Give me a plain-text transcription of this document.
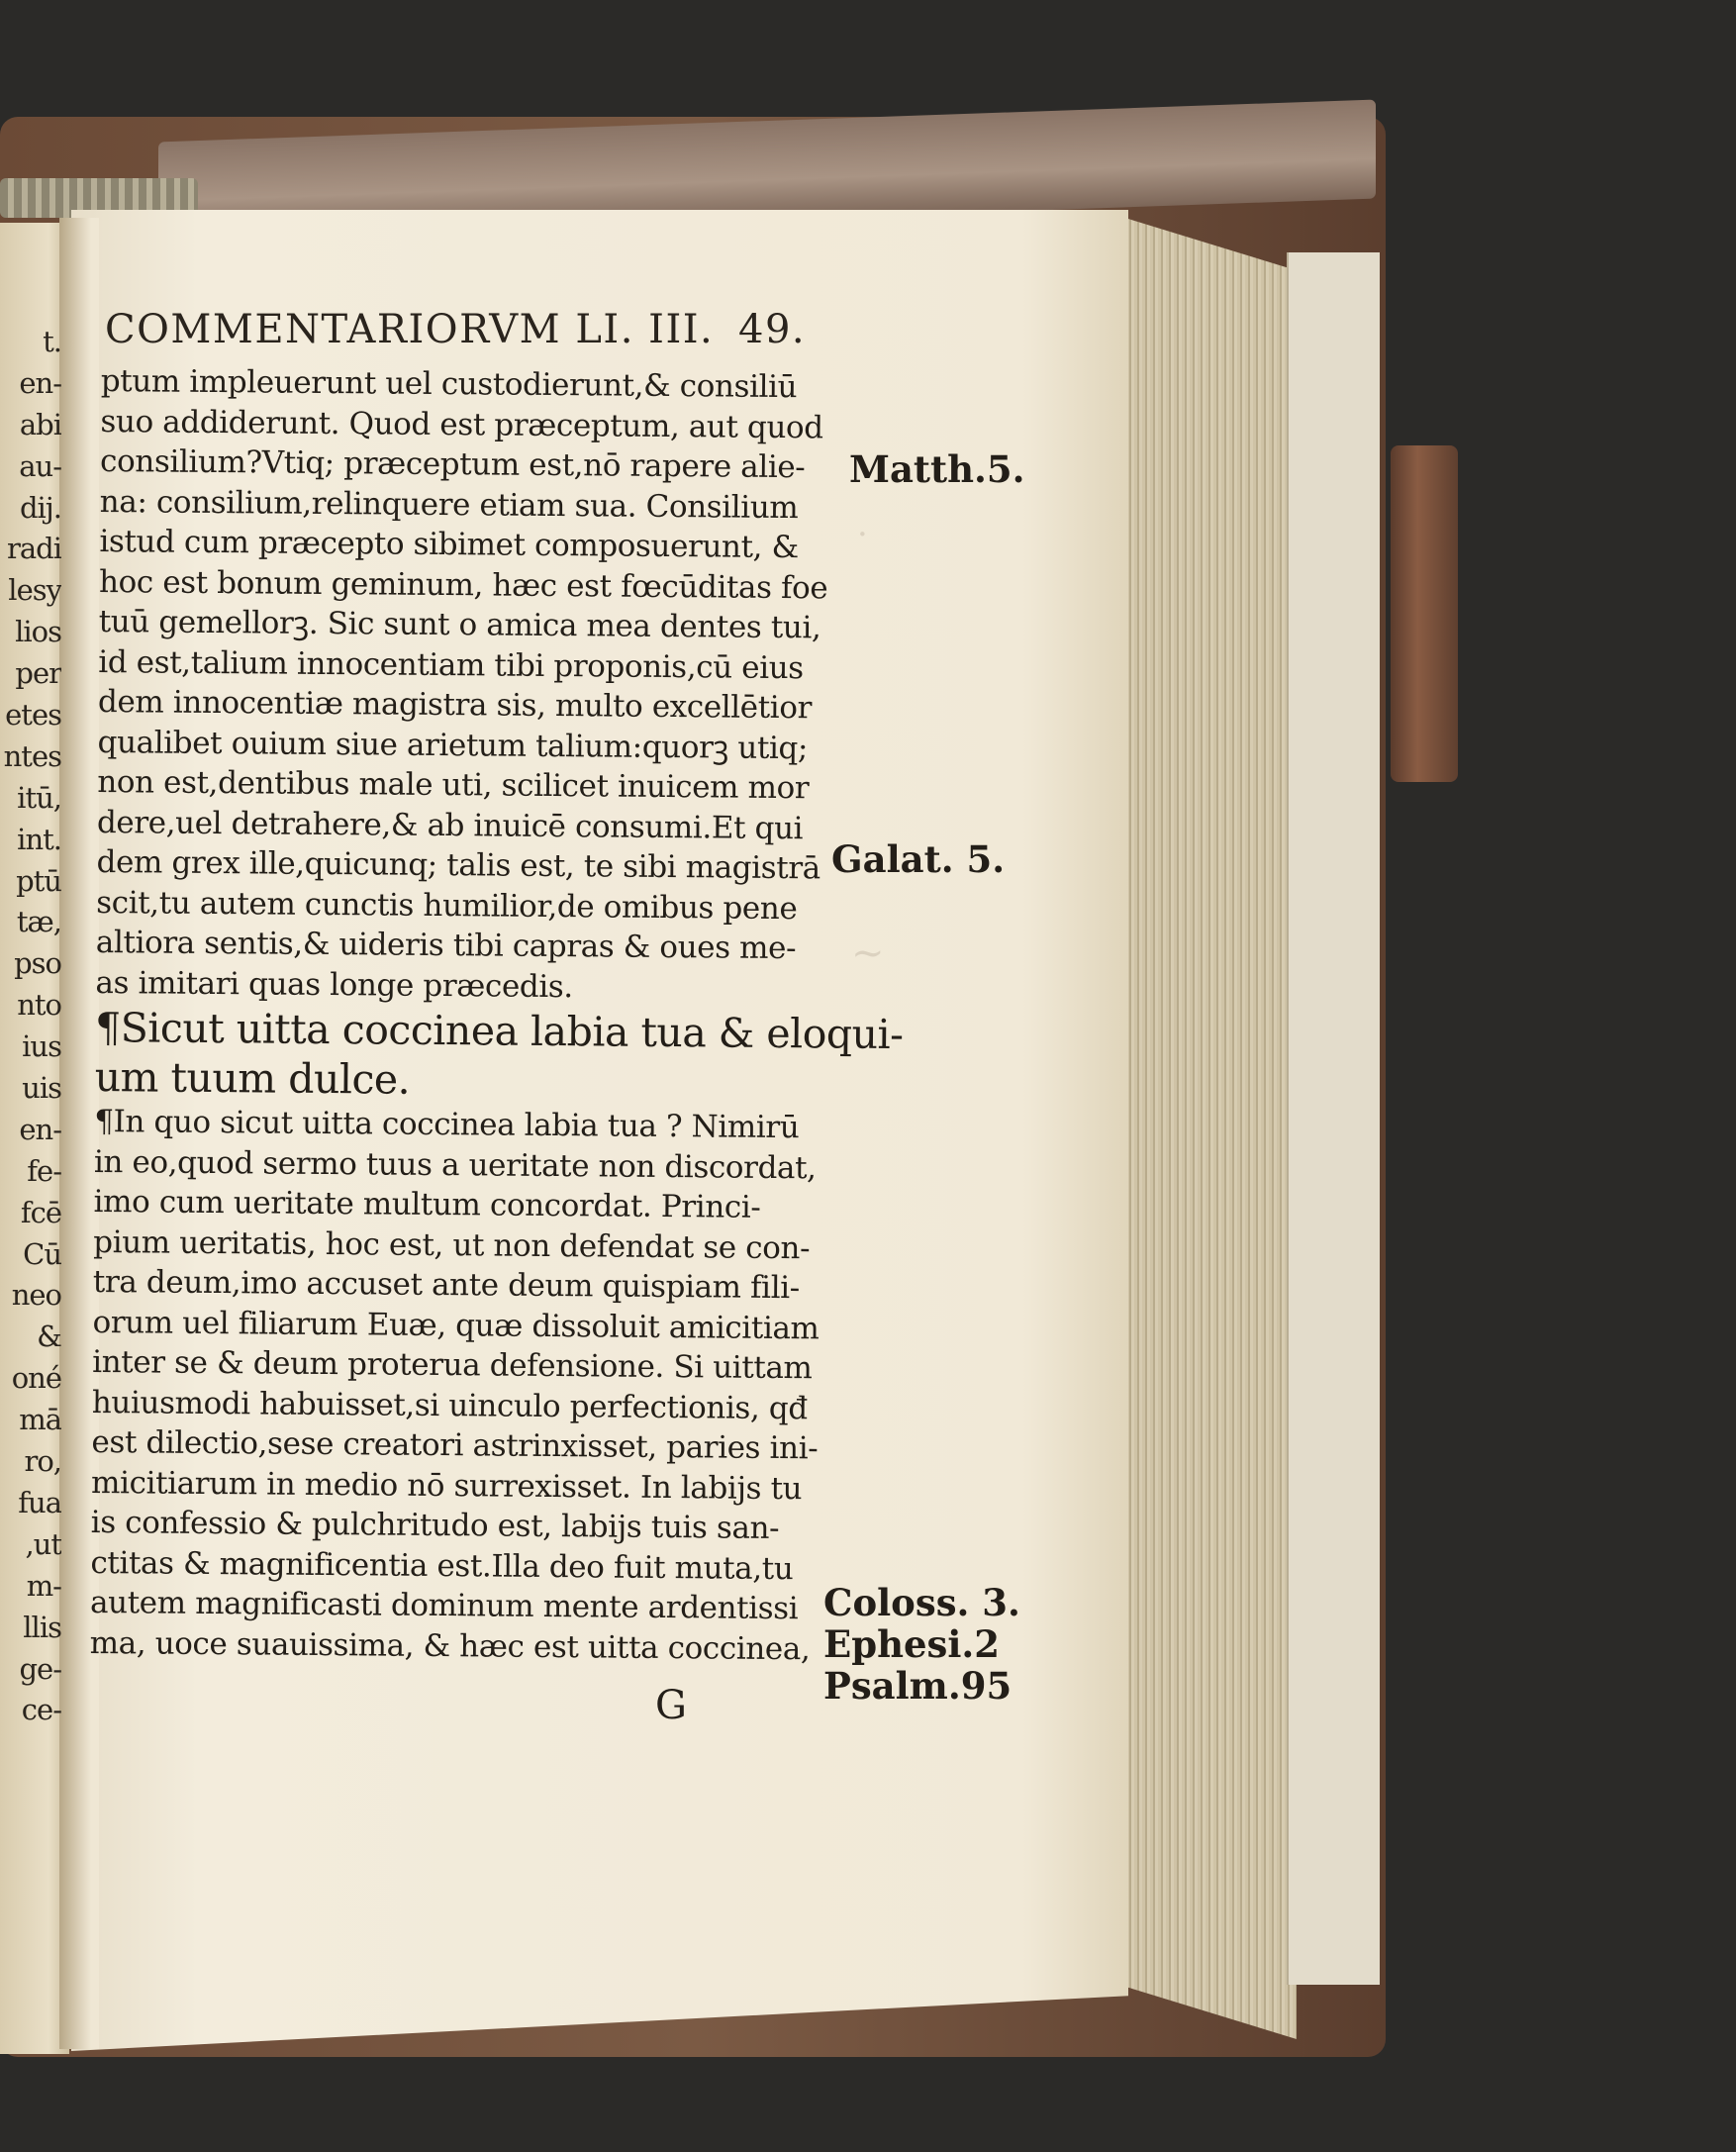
·
~
t.
en-
abi
au-
dij.
radi
lesy
lios
per
etes
ntes
itū,
int.
ptū
tæ,
pso
nto
ius
uis
en-
fe-
fcē
Cū
neo
&
oné
mā
ro,
fua
,ut
m-
llis
ge-
ce-
COMMENTARIORVM LI. III. 49.
ptum impleuerunt uel custodierunt,& consiliū
suo addiderunt. Quod est præceptum, aut quod
consilium?Vtiq; præceptum est,nō rapere alie-
na: consilium,relinquere etiam sua. Consilium
istud cum præcepto sibimet composuerunt, &
hoc est bonum geminum, hæc est fœcūditas foe
tuū gemellorꝫ. Sic sunt o amica mea dentes tui,
id est,talium innocentiam tibi proponis,cū eius
dem innocentiæ magistra sis, multo excellētior
qualibet ouium siue arietum talium:quorꝫ utiq;
non est,dentibus male uti, scilicet inuicem mor
dere,uel detrahere,& ab inuicē consumi.Et qui
dem grex ille,quicunq; talis est, te sibi magistrā
scit,tu autem cunctis humilior,de omibus pene
altiora sentis,& uideris tibi capras & oues me-
as imitari quas longe præcedis.
¶Sicut uitta coccinea labia tua & eloqui-
um tuum dulce.
¶In quo sicut uitta coccinea labia tua ? Nimirū
in eo,quod sermo tuus a ueritate non discordat,
imo cum ueritate multum concordat. Princi-
pium ueritatis, hoc est, ut non defendat se con-
tra deum,imo accuset ante deum quispiam fili-
orum uel filiarum Euæ, quæ dissoluit amicitiam
inter se & deum proterua defensione. Si uittam
huiusmodi habuisset,si uinculo perfectionis, qđ
est dilectio,sese creatori astrinxisset, paries ini-
micitiarum in medio nō surrexisset. In labijs tu
is confessio & pulchritudo est, labijs tuis san-
ctitas & magnificentia est.Illa deo fuit muta,tu
autem magnificasti dominum mente ardentissi
ma, uoce suauissima, & hæc est uitta coccinea,
G
Matth.5.
Galat. 5.
Coloss. 3.
Ephesi.2
Psalm.95
